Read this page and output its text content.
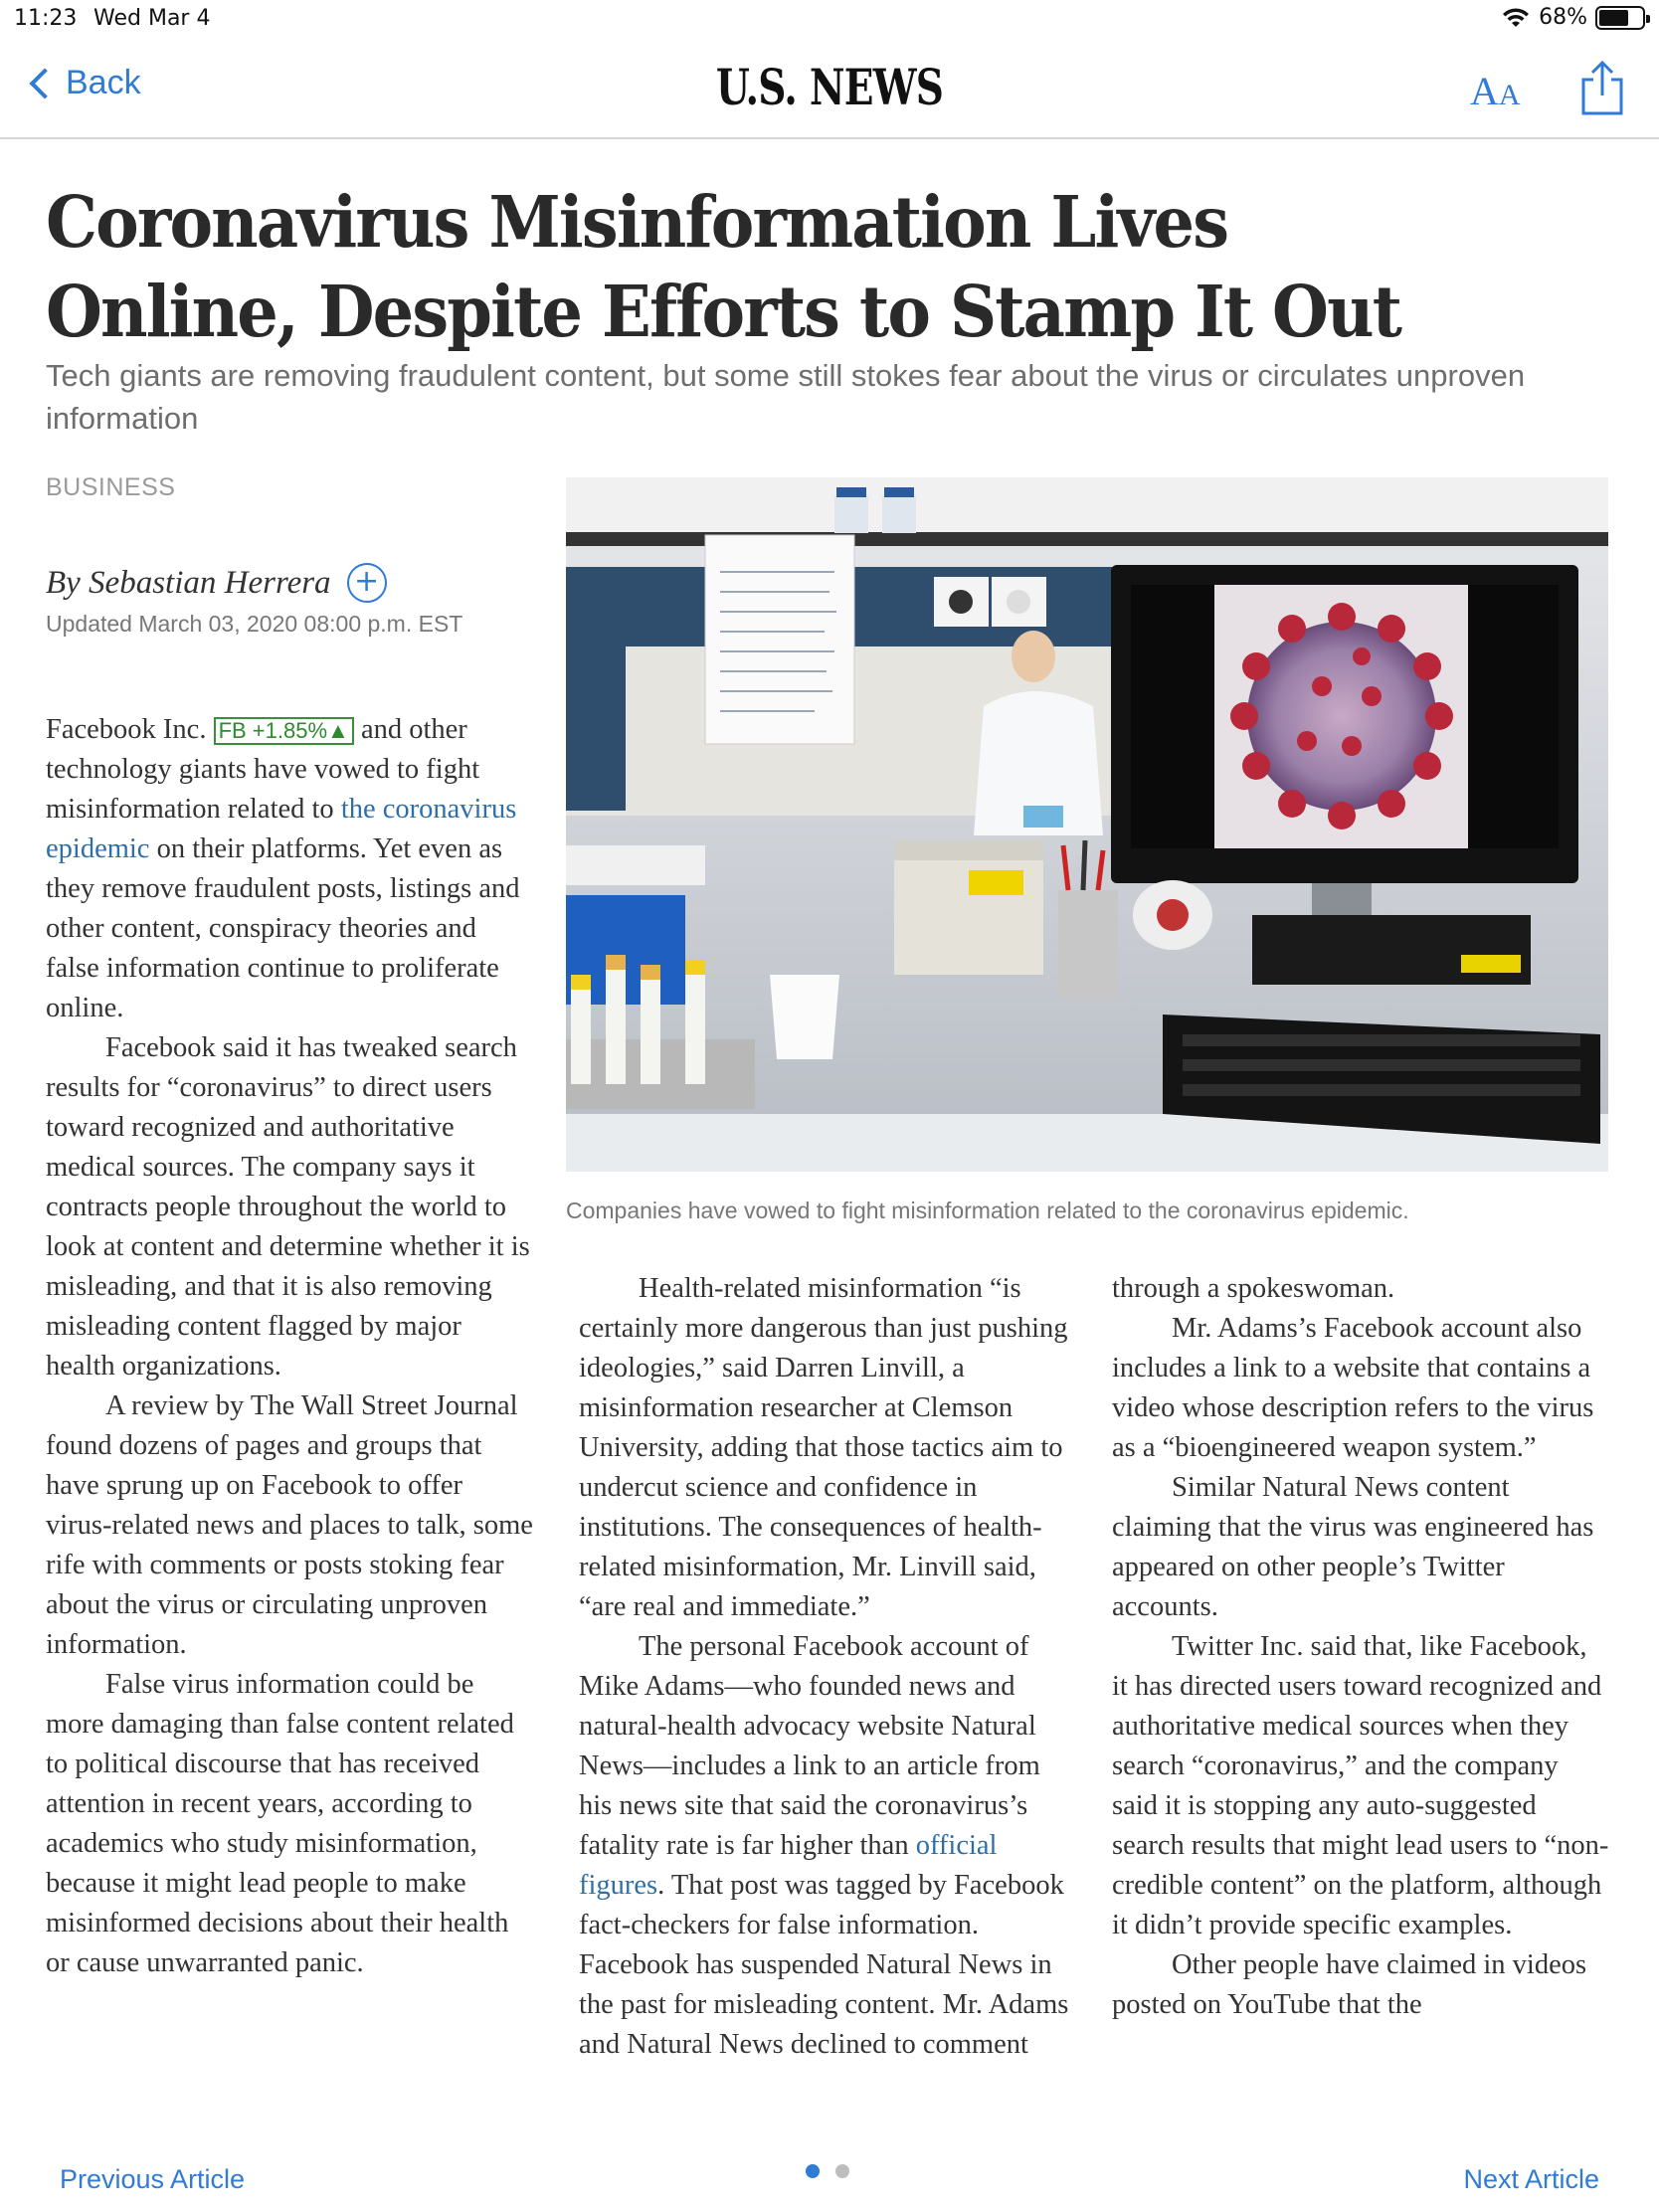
11:23 Wed Mar 4	68%
Back	U.S. NEWS	AA
Coronavirus Misinformation Lives Online, Despite Efforts to Stamp It Out
Tech giants are removing fraudulent content, but some still stokes fear about the virus or circulates unproven information
BUSINESS
By Sebastian Herrera +
Updated March 03, 2020 08:00 p.m. EST
Companies have vowed to fight misinformation related to the coronavirus epidemic.

Facebook Inc. FB +1.85%▲ and other technology giants have vowed to fight misinformation related to the coronavirus epidemic on their platforms. Yet even as they remove fraudulent posts, listings and other content, conspiracy theories and false information continue to proliferate online.

Facebook said it has tweaked search results for “coronavirus” to direct users toward recognized and authoritative medical sources. The company says it contracts people throughout the world to look at content and determine whether it is misleading, and that it is also removing misleading content flagged by major health organizations.

A review by The Wall Street Journal found dozens of pages and groups that have sprung up on Facebook to offer virus-related news and places to talk, some rife with comments or posts stoking fear about the virus or circulating unproven information.

False virus information could be more damaging than false content related to political discourse that has received attention in recent years, according to academics who study misinformation, because it might lead people to make misinformed decisions about their health or cause unwarranted panic.

Health-related misinformation “is certainly more dangerous than just pushing ideologies,” said Darren Linvill, a misinformation researcher at Clemson University, adding that those tactics aim to undercut science and confidence in institutions. The consequences of health-related misinformation, Mr. Linvill said, “are real and immediate.”

The personal Facebook account of Mike Adams—who founded news and natural-health advocacy website Natural News—includes a link to an article from his news site that said the coronavirus’s fatality rate is far higher than official figures. That post was tagged by Facebook fact-checkers for false information. Facebook has suspended Natural News in the past for misleading content. Mr. Adams and Natural News declined to comment

through a spokeswoman.

Mr. Adams’s Facebook account also includes a link to a website that contains a video whose description refers to the virus as a “bioengineered weapon system.”

Similar Natural News content claiming that the virus was engineered has appeared on other people’s Twitter accounts.

Twitter Inc. said that, like Facebook, it has directed users toward recognized and authoritative medical sources when they search “coronavirus,” and the company said it is stopping any auto-suggested search results that might lead users to “non-credible content” on the platform, although it didn’t provide specific examples.

Other people have claimed in videos posted on YouTube that the

Previous Article	Next Article
